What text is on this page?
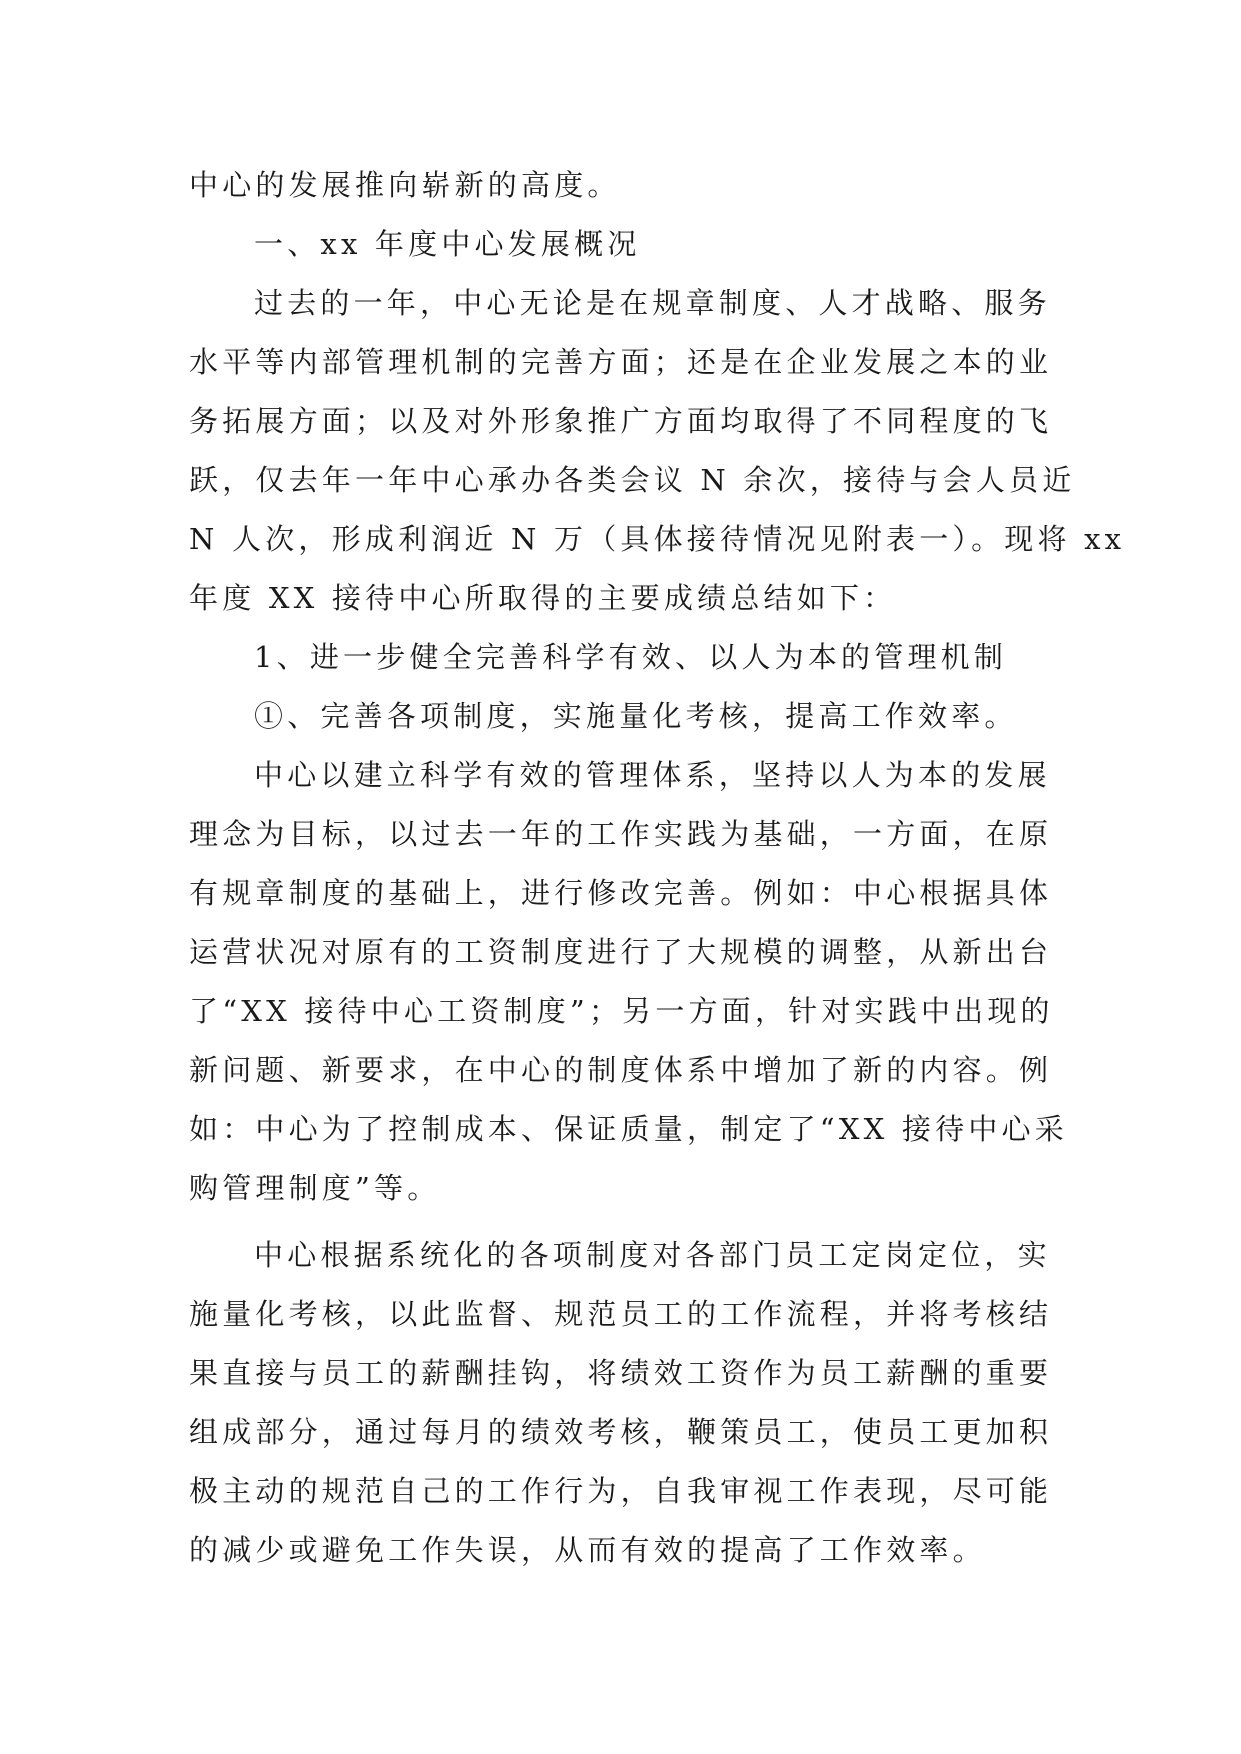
中心的发展推向崭新的高度。
一、xx 年度中心发展概况
过去的一年，中心无论是在规章制度、人才战略、服务
水平等内部管理机制的完善方面；还是在企业发展之本的业
务拓展方面；以及对外形象推广方面均取得了不同程度的飞
跃，仅去年一年中心承办各类会议 N 余次，接待与会人员近
N 人次，形成利润近 N 万（具体接待情况见附表一）。现将 xx
年度 XX 接待中心所取得的主要成绩总结如下：
1、进一步健全完善科学有效、以人为本的管理机制
①、完善各项制度，实施量化考核，提高工作效率。
中心以建立科学有效的管理体系，坚持以人为本的发展
理念为目标，以过去一年的工作实践为基础，一方面，在原
有规章制度的基础上，进行修改完善。例如：中心根据具体
运营状况对原有的工资制度进行了大规模的调整，从新出台
了“XX 接待中心工资制度”；另一方面，针对实践中出现的
新问题、新要求，在中心的制度体系中增加了新的内容。例
如：中心为了控制成本、保证质量，制定了“XX 接待中心采
购管理制度”等。
中心根据系统化的各项制度对各部门员工定岗定位，实
施量化考核，以此监督、规范员工的工作流程，并将考核结
果直接与员工的薪酬挂钩，将绩效工资作为员工薪酬的重要
组成部分，通过每月的绩效考核，鞭策员工，使员工更加积
极主动的规范自己的工作行为，自我审视工作表现，尽可能
的减少或避免工作失误，从而有效的提高了工作效率。
